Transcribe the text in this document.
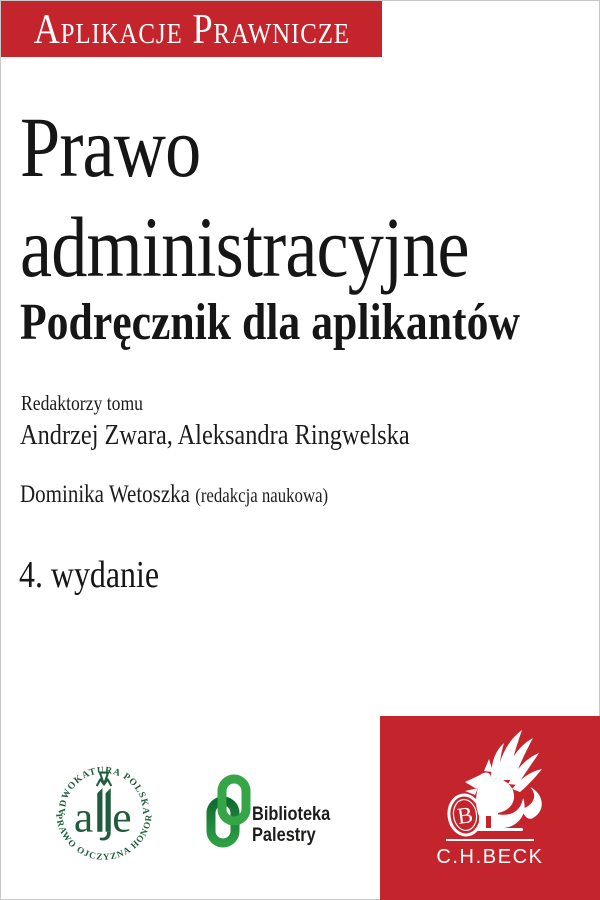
Aplikacje Prawnicze
Prawo
administracyjne
Podręcznik dla aplikantów
Redaktorzy tomu
Andrzej Zwara, Aleksandra Ringwelska
Dominika Wetoszka (redakcja naukowa)
4. wydanie
ADWOKATURA POLSKA
PRAWO OJCZYZNA HONOR
a e	Biblioteka
Palestry
B
C.H.BECK
